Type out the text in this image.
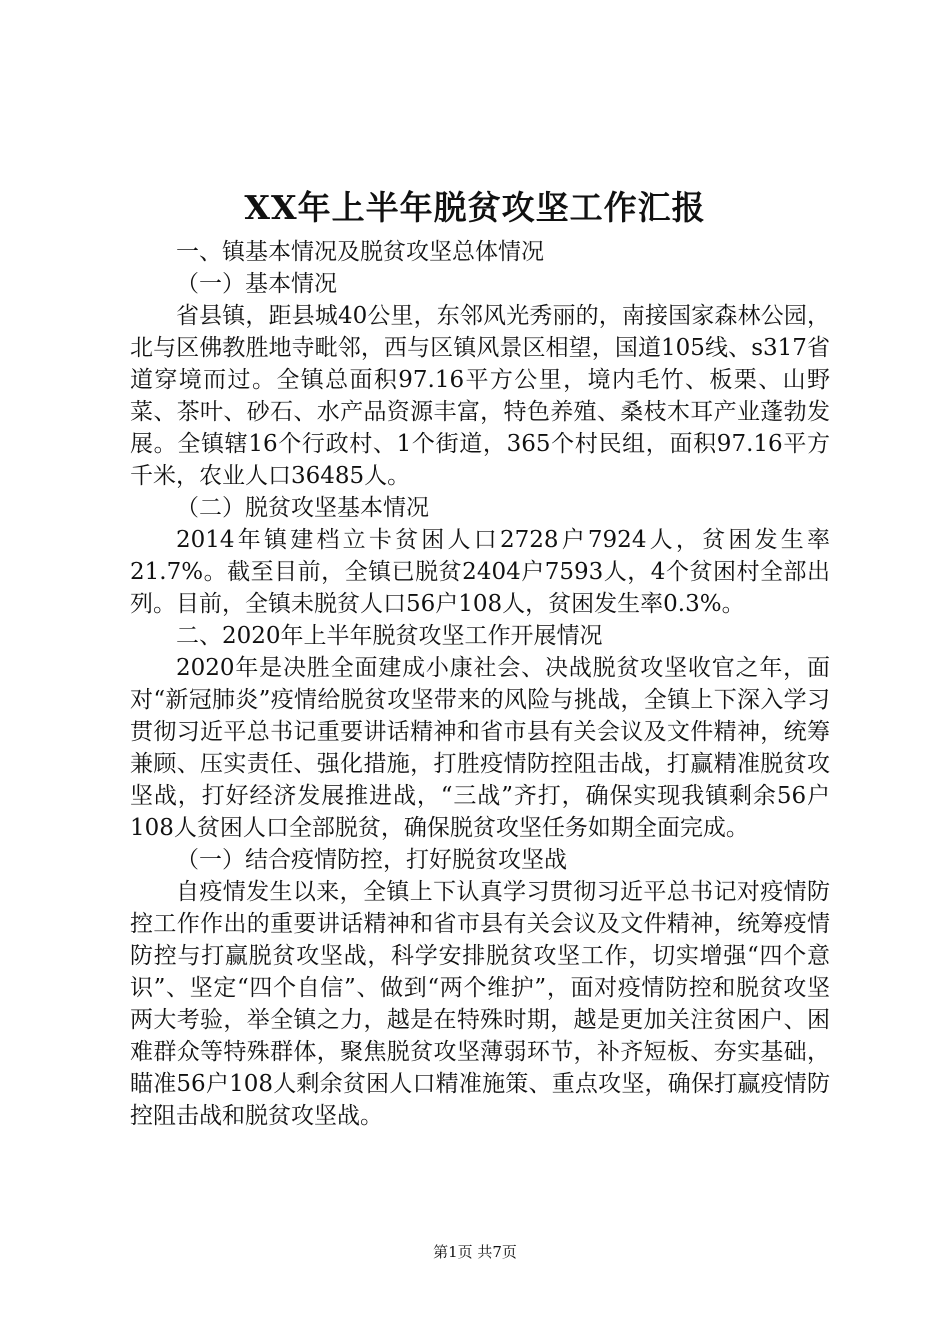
XX年上半年脱贫攻坚工作汇报

一、镇基本情况及脱贫攻坚总体情况

（一）基本情况

省县镇，距县城40公里，东邻风光秀丽的，南接国家森林公园，北与区佛教胜地寺毗邻，西与区镇风景区相望，国道105线、s317省道穿境而过。全镇总面积97.16平方公里，境内毛竹、板栗、山野菜、茶叶、砂石、水产品资源丰富，特色养殖、桑枝木耳产业蓬勃发展。全镇辖16个行政村、1个街道，365个村民组，面积97.16平方千米，农业人口36485人。

（二）脱贫攻坚基本情况

2014年镇建档立卡贫困人口2728户7924人，贫困发生率21.7%。截至目前，全镇已脱贫2404户7593人，4个贫困村全部出列。目前，全镇未脱贫人口56户108人，贫困发生率0.3%。

二、2020年上半年脱贫攻坚工作开展情况

2020年是决胜全面建成小康社会、决战脱贫攻坚收官之年，面对“新冠肺炎”疫情给脱贫攻坚带来的风险与挑战，全镇上下深入学习贯彻习近平总书记重要讲话精神和省市县有关会议及文件精神，统筹兼顾、压实责任、强化措施，打胜疫情防控阻击战，打赢精准脱贫攻坚战，打好经济发展推进战，“三战”齐打，确保实现我镇剩余56户108人贫困人口全部脱贫，确保脱贫攻坚任务如期全面完成。

（一）结合疫情防控，打好脱贫攻坚战

自疫情发生以来，全镇上下认真学习贯彻习近平总书记对疫情防控工作作出的重要讲话精神和省市县有关会议及文件精神，统筹疫情防控与打赢脱贫攻坚战，科学安排脱贫攻坚工作，切实增强“四个意识”、坚定“四个自信”、做到“两个维护”，面对疫情防控和脱贫攻坚两大考验，举全镇之力，越是在特殊时期，越是更加关注贫困户、困难群众等特殊群体，聚焦脱贫攻坚薄弱环节，补齐短板、夯实基础，瞄准56户108人剩余贫困人口精准施策、重点攻坚，确保打赢疫情防控阻击战和脱贫攻坚战。

第1页 共7页
